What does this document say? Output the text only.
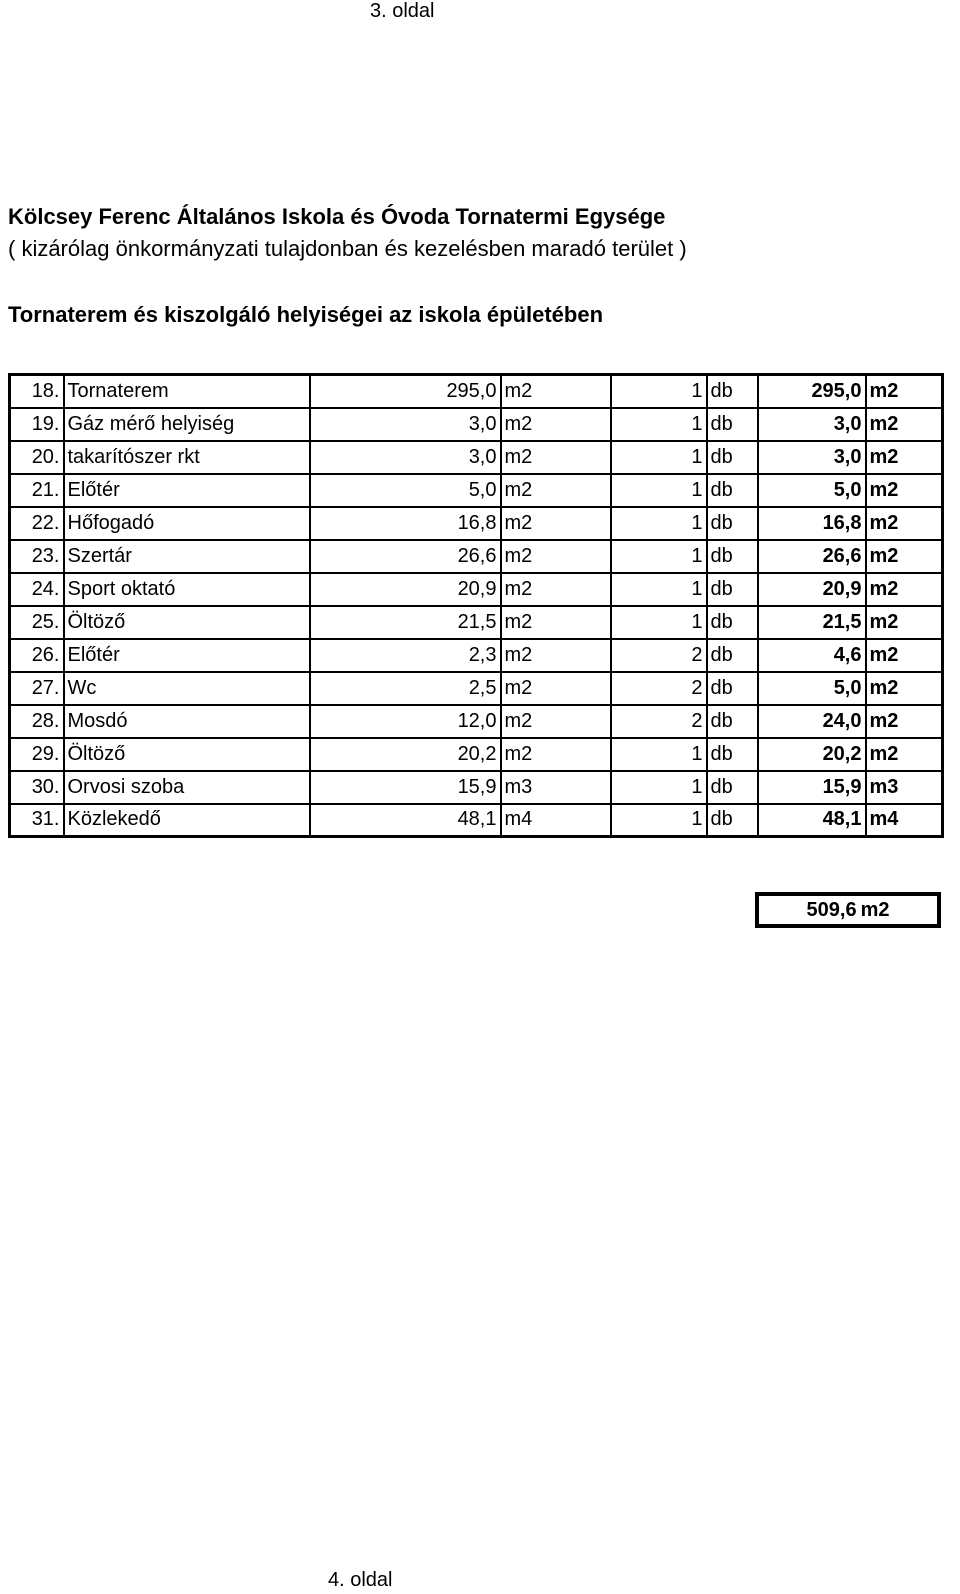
3. oldal
Kölcsey Ferenc Általános Iskola és Óvoda Tornatermi Egysége
( kizárólag önkormányzati tulajdonban és kezelésben maradó terület )
Tornaterem és kiszolgáló helyiségei az iskola épületében
18.	Tornaterem	295,0	m2	1	db	295,0	m2
19.	Gáz mérő helyiség	3,0	m2	1	db	3,0	m2
20.	takarítószer rkt	3,0	m2	1	db	3,0	m2
21.	Előtér	5,0	m2	1	db	5,0	m2
22.	Hőfogadó	16,8	m2	1	db	16,8	m2
23.	Szertár	26,6	m2	1	db	26,6	m2
24.	Sport oktató	20,9	m2	1	db	20,9	m2
25.	Öltöző	21,5	m2	1	db	21,5	m2
26.	Előtér	2,3	m2	2	db	4,6	m2
27.	Wc	2,5	m2	2	db	5,0	m2
28.	Mosdó	12,0	m2	2	db	24,0	m2
29.	Öltöző	20,2	m2	1	db	20,2	m2
30.	Orvosi szoba	15,9	m3	1	db	15,9	m3
31.	Közlekedő	48,1	m4	1	db	48,1	m4
509,6 m2
4. oldal
